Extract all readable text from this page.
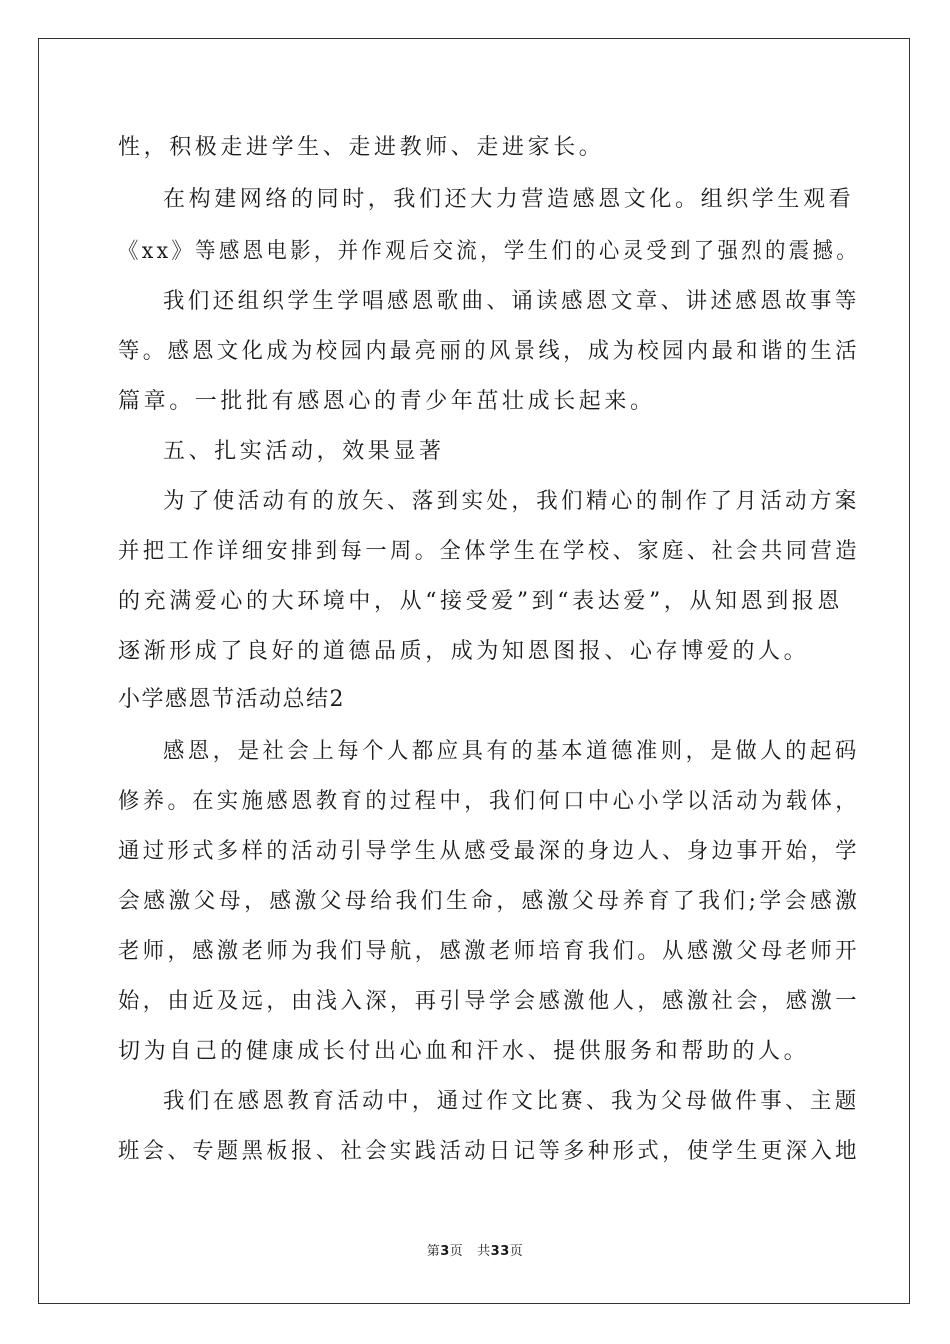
性，积极走进学生、走进教师、走进家长。
在构建网络的同时，我们还大力营造感恩文化。组织学生观看
《xx》等感恩电影，并作观后交流，学生们的心灵受到了强烈的震撼。
我们还组织学生学唱感恩歌曲、诵读感恩文章、讲述感恩故事等
等。感恩文化成为校园内最亮丽的风景线，成为校园内最和谐的生活
篇章。一批批有感恩心的青少年茁壮成长起来。
五、扎实活动，效果显著
为了使活动有的放矢、落到实处，我们精心的制作了月活动方案
并把工作详细安排到每一周。全体学生在学校、家庭、社会共同营造
的充满爱心的大环境中，从“接受爱”到“表达爱”，从知恩到报恩
逐渐形成了良好的道德品质，成为知恩图报、心存博爱的人。
小学感恩节活动总结2
感恩，是社会上每个人都应具有的基本道德准则，是做人的起码
修养。在实施感恩教育的过程中，我们何口中心小学以活动为载体，
通过形式多样的活动引导学生从感受最深的身边人、身边事开始，学
会感激父母，感激父母给我们生命，感激父母养育了我们;学会感激
老师，感激老师为我们导航，感激老师培育我们。从感激父母老师开
始，由近及远，由浅入深，再引导学会感激他人，感激社会，感激一
切为自己的健康成长付出心血和汗水、提供服务和帮助的人。
我们在感恩教育活动中，通过作文比赛、我为父母做件事、主题
班会、专题黑板报、社会实践活动日记等多种形式，使学生更深入地
第3页   共33页
